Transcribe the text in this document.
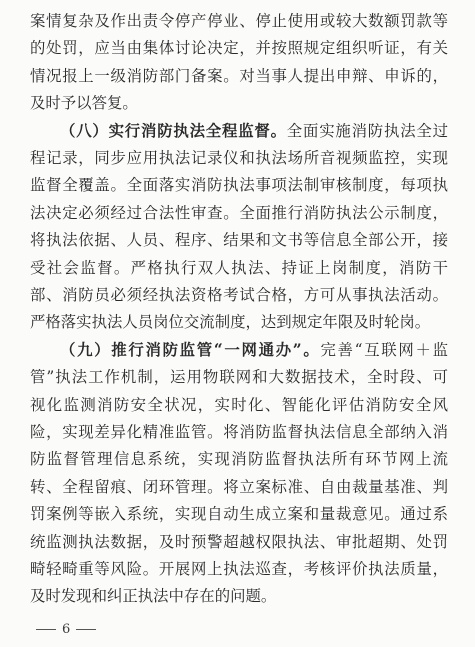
案情复杂及作出责令停产停业、停止使用或较大数额罚款等
的处罚，应当由集体讨论决定，并按照规定组织听证，有关
情况报上一级消防部门备案。对当事人提出申辩、申诉的，
及时予以答复。
（八）实行消防执法全程监督。全面实施消防执法全过
程记录，同步应用执法记录仪和执法场所音视频监控，实现
监督全覆盖。全面落实消防执法事项法制审核制度，每项执
法决定必须经过合法性审查。全面推行消防执法公示制度，
将执法依据、人员、程序、结果和文书等信息全部公开，接
受社会监督。严格执行双人执法、持证上岗制度，消防干
部、消防员必须经执法资格考试合格，方可从事执法活动。
严格落实执法人员岗位交流制度，达到规定年限及时轮岗。
（九）推行消防监管“一网通办”。完善“互联网＋监
管”执法工作机制，运用物联网和大数据技术，全时段、可
视化监测消防安全状况，实时化、智能化评估消防安全风
险，实现差异化精准监管。将消防监督执法信息全部纳入消
防监督管理信息系统，实现消防监督执法所有环节网上流
转、全程留痕、闭环管理。将立案标准、自由裁量基准、判
罚案例等嵌入系统，实现自动生成立案和量裁意见。通过系
统监测执法数据，及时预警超越权限执法、审批超期、处罚
畸轻畸重等风险。开展网上执法巡查，考核评价执法质量，
及时发现和纠正执法中存在的问题。
6
